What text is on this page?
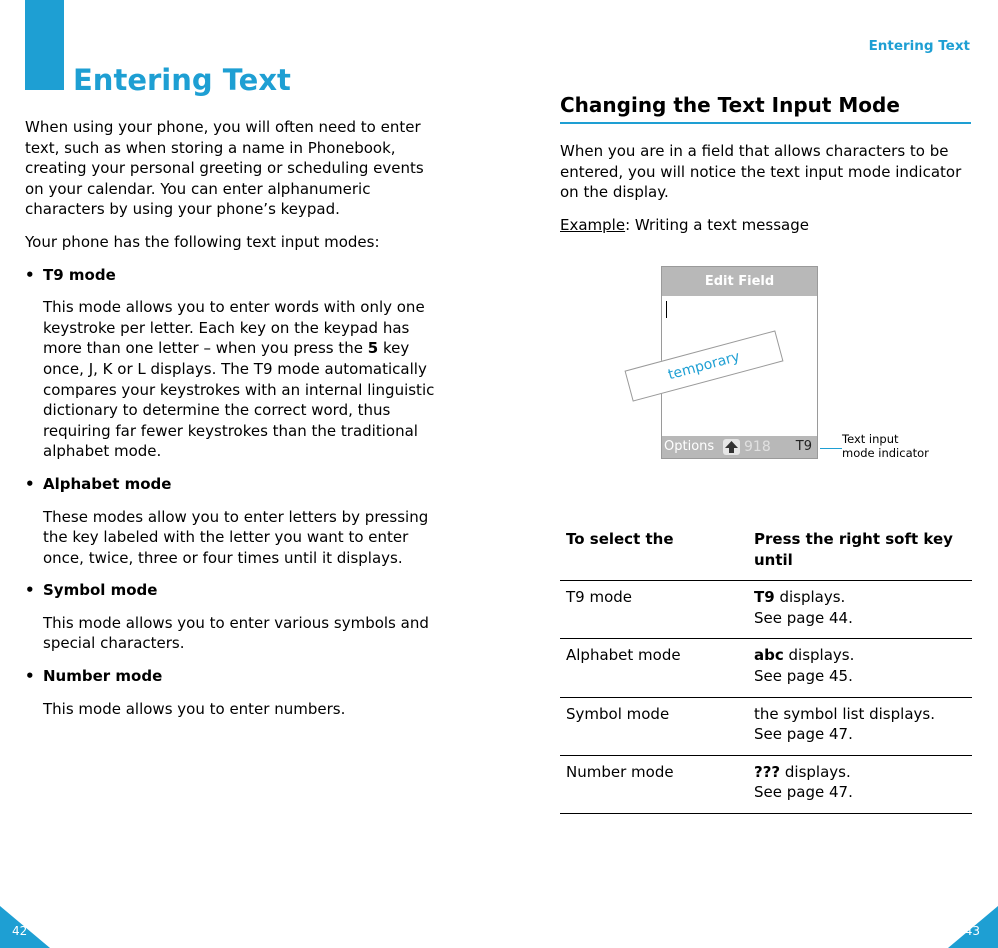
Entering Text

When using your phone, you will often need to enter text, such as when storing a name in Phonebook, creating your personal greeting or scheduling events on your calendar. You can enter alphanumeric characters by using your phone’s keypad.

Your phone has the following text input modes:

• T9 mode

This mode allows you to enter words with only one keystroke per letter. Each key on the keypad has more than one letter – when you press the 5 key once, J, K or L displays. The T9 mode automatically compares your keystrokes with an internal linguistic dictionary to determine the correct word, thus requiring far fewer keystrokes than the traditional alphabet mode.

• Alphabet mode

These modes allow you to enter letters by pressing the key labeled with the letter you want to enter once, twice, three or four times until it displays.

• Symbol mode

This mode allows you to enter various symbols and special characters.

• Number mode

This mode allows you to enter numbers.

42
Entering Text
Changing the Text Input Mode

When you are in a field that allows characters to be entered, you will notice the text input mode indicator on the display.

Example: Writing a text message
Edit Field
Options 918 T9
temporary
Text input
mode indicator
To select the	Press the right soft key until
T9 mode	T9 displays.
See page 44.
Alphabet mode	abc displays.
See page 45.
Symbol mode	the symbol list displays.
See page 47.
Number mode	??? displays.
See page 47.
43
